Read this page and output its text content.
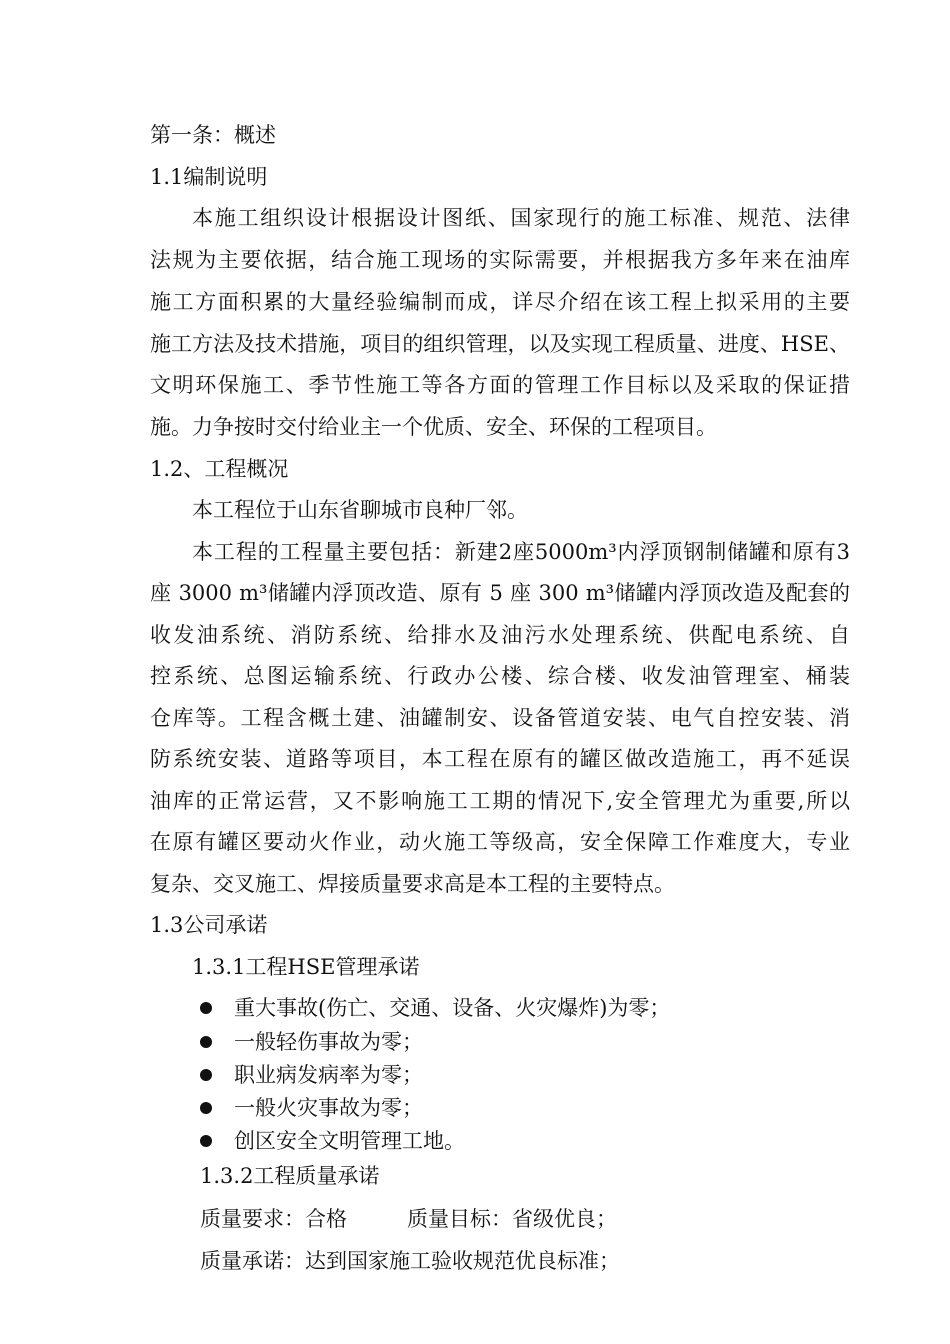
第一条：概述
1.1编制说明
本施工组织设计根据设计图纸、国家现行的施工标准、规范、法律
法规为主要依据，结合施工现场的实际需要，并根据我方多年来在油库
施工方面积累的大量经验编制而成，详尽介绍在该工程上拟采用的主要
施工方法及技术措施，项目的组织管理，以及实现工程质量、进度、HSE、
文明环保施工、季节性施工等各方面的管理工作目标以及采取的保证措
施。力争按时交付给业主一个优质、安全、环保的工程项目。
1.2、工程概况
本工程位于山东省聊城市良种厂邻。
本工程的工程量主要包括：新建2座5000m³内浮顶钢制储罐和原有3
座 3000 m³储罐内浮顶改造、原有 5 座 300 m³储罐内浮顶改造及配套的
收发油系统、消防系统、给排水及油污水处理系统、供配电系统、自
控系统、总图运输系统、行政办公楼、综合楼、收发油管理室、桶装
仓库等。工程含概土建、油罐制安、设备管道安装、电气自控安装、消
防系统安装、道路等项目，本工程在原有的罐区做改造施工，再不延误
油库的正常运营，又不影响施工工期的情况下,安全管理尤为重要,所以
在原有罐区要动火作业，动火施工等级高，安全保障工作难度大，专业
复杂、交叉施工、焊接质量要求高是本工程的主要特点。
1.3公司承诺
1.3.1工程HSE管理承诺
重大事故(伤亡、交通、设备、火灾爆炸)为零；
一般轻伤事故为零；
职业病发病率为零；
一般火灾事故为零；
创区安全文明管理工地。
1.3.2工程质量承诺
质量要求：合格	质量目标：省级优良；
质量承诺：达到国家施工验收规范优良标准；
